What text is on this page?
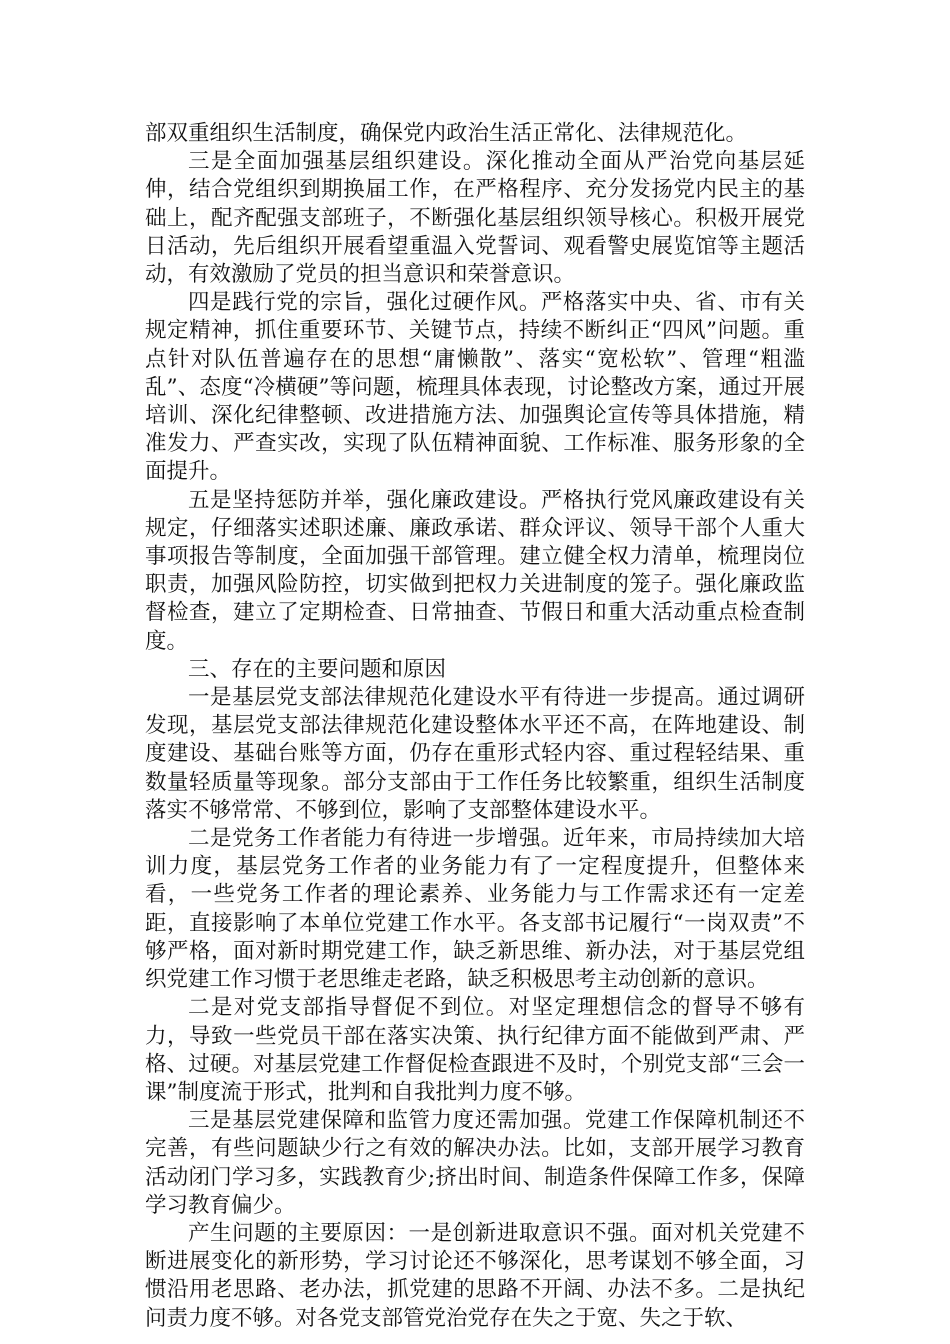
部双重组织生活制度，确保党内政治生活正常化、法律规范化。

三是全面加强基层组织建设。深化推动全面从严治党向基层延伸，结合党组织到期换届工作，在严格程序、充分发扬党内民主的基础上，配齐配强支部班子，不断强化基层组织领导核心。积极开展党日活动，先后组织开展看望重温入党誓词、观看警史展览馆等主题活动，有效激励了党员的担当意识和荣誉意识。

四是践行党的宗旨，强化过硬作风。严格落实中央、省、市有关规定精神，抓住重要环节、关键节点，持续不断纠正“四风”问题。重点针对队伍普遍存在的思想“庸懒散”、落实“宽松软”、管理“粗滥乱”、态度“冷横硬”等问题，梳理具体表现，讨论整改方案，通过开展培训、深化纪律整顿、改进措施方法、加强舆论宣传等具体措施，精准发力、严查实改，实现了队伍精神面貌、工作标准、服务形象的全面提升。

五是坚持惩防并举，强化廉政建设。严格执行党风廉政建设有关规定，仔细落实述职述廉、廉政承诺、群众评议、领导干部个人重大事项报告等制度，全面加强干部管理。建立健全权力清单，梳理岗位职责，加强风险防控，切实做到把权力关进制度的笼子。强化廉政监督检查，建立了定期检查、日常抽查、节假日和重大活动重点检查制度。

三、存在的主要问题和原因

一是基层党支部法律规范化建设水平有待进一步提高。通过调研发现，基层党支部法律规范化建设整体水平还不高，在阵地建设、制度建设、基础台账等方面，仍存在重形式轻内容、重过程轻结果、重数量轻质量等现象。部分支部由于工作任务比较繁重，组织生活制度落实不够常常、不够到位，影响了支部整体建设水平。

二是党务工作者能力有待进一步增强。近年来，市局持续加大培训力度，基层党务工作者的业务能力有了一定程度提升，但整体来看，一些党务工作者的理论素养、业务能力与工作需求还有一定差距，直接影响了本单位党建工作水平。各支部书记履行“一岗双责”不够严格，面对新时期党建工作，缺乏新思维、新办法，对于基层党组织党建工作习惯于老思维走老路，缺乏积极思考主动创新的意识。

二是对党支部指导督促不到位。对坚定理想信念的督导不够有力，导致一些党员干部在落实决策、执行纪律方面不能做到严肃、严格、过硬。对基层党建工作督促检查跟进不及时，个别党支部“三会一课”制度流于形式，批判和自我批判力度不够。

三是基层党建保障和监管力度还需加强。党建工作保障机制还不完善，有些问题缺少行之有效的解决办法。比如，支部开展学习教育活动闭门学习多，实践教育少;挤出时间、制造条件保障工作多，保障学习教育偏少。

产生问题的主要原因：一是创新进取意识不强。面对机关党建不断进展变化的新形势，学习讨论还不够深化，思考谋划不够全面，习惯沿用老思路、老办法，抓党建的思路不开阔、办法不多。二是执纪问责力度不够。对各党支部管党治党存在失之于宽、失之于软、
